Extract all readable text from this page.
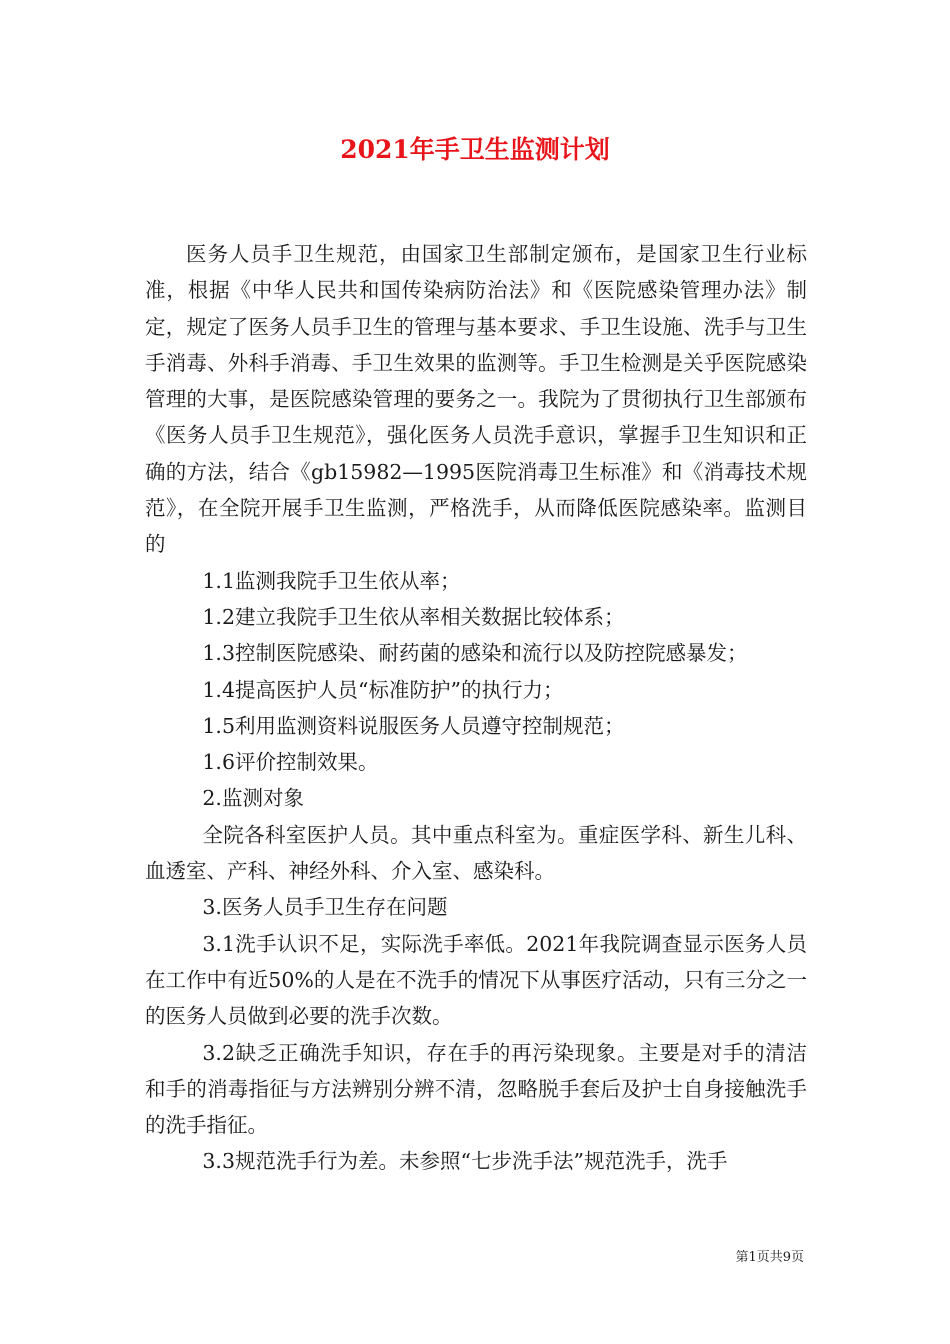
2021年手卫生监测计划

医务人员手卫生规范，由国家卫生部制定颁布，是国家卫生行业标准，根据《中华人民共和国传染病防治法》和《医院感染管理办法》制定，规定了医务人员手卫生的管理与基本要求、手卫生设施、洗手与卫生手消毒、外科手消毒、手卫生效果的监测等。手卫生检测是关乎医院感染管理的大事，是医院感染管理的要务之一。我院为了贯彻执行卫生部颁布《医务人员手卫生规范》，强化医务人员洗手意识，掌握手卫生知识和正确的方法，结合《gb15982—1995医院消毒卫生标准》和《消毒技术规范》，在全院开展手卫生监测，严格洗手，从而降低医院感染率。监测目的

1.1监测我院手卫生依从率；

1.2建立我院手卫生依从率相关数据比较体系；

1.3控制医院感染、耐药菌的感染和流行以及防控院感暴发；

1.4提高医护人员“标准防护”的执行力；

1.5利用监测资料说服医务人员遵守控制规范；

1.6评价控制效果。

2.监测对象

全院各科室医护人员。其中重点科室为。重症医学科、新生儿科、血透室、产科、神经外科、介入室、感染科。

3.医务人员手卫生存在问题

3.1洗手认识不足，实际洗手率低。2021年我院调查显示医务人员在工作中有近50%的人是在不洗手的情况下从事医疗活动，只有三分之一的医务人员做到必要的洗手次数。

3.2缺乏正确洗手知识，存在手的再污染现象。主要是对手的清洁和手的消毒指征与方法辨别分辨不清，忽略脱手套后及护士自身接触洗手的洗手指征。

3.3规范洗手行为差。未参照“七步洗手法”规范洗手，洗手

第1页共9页
